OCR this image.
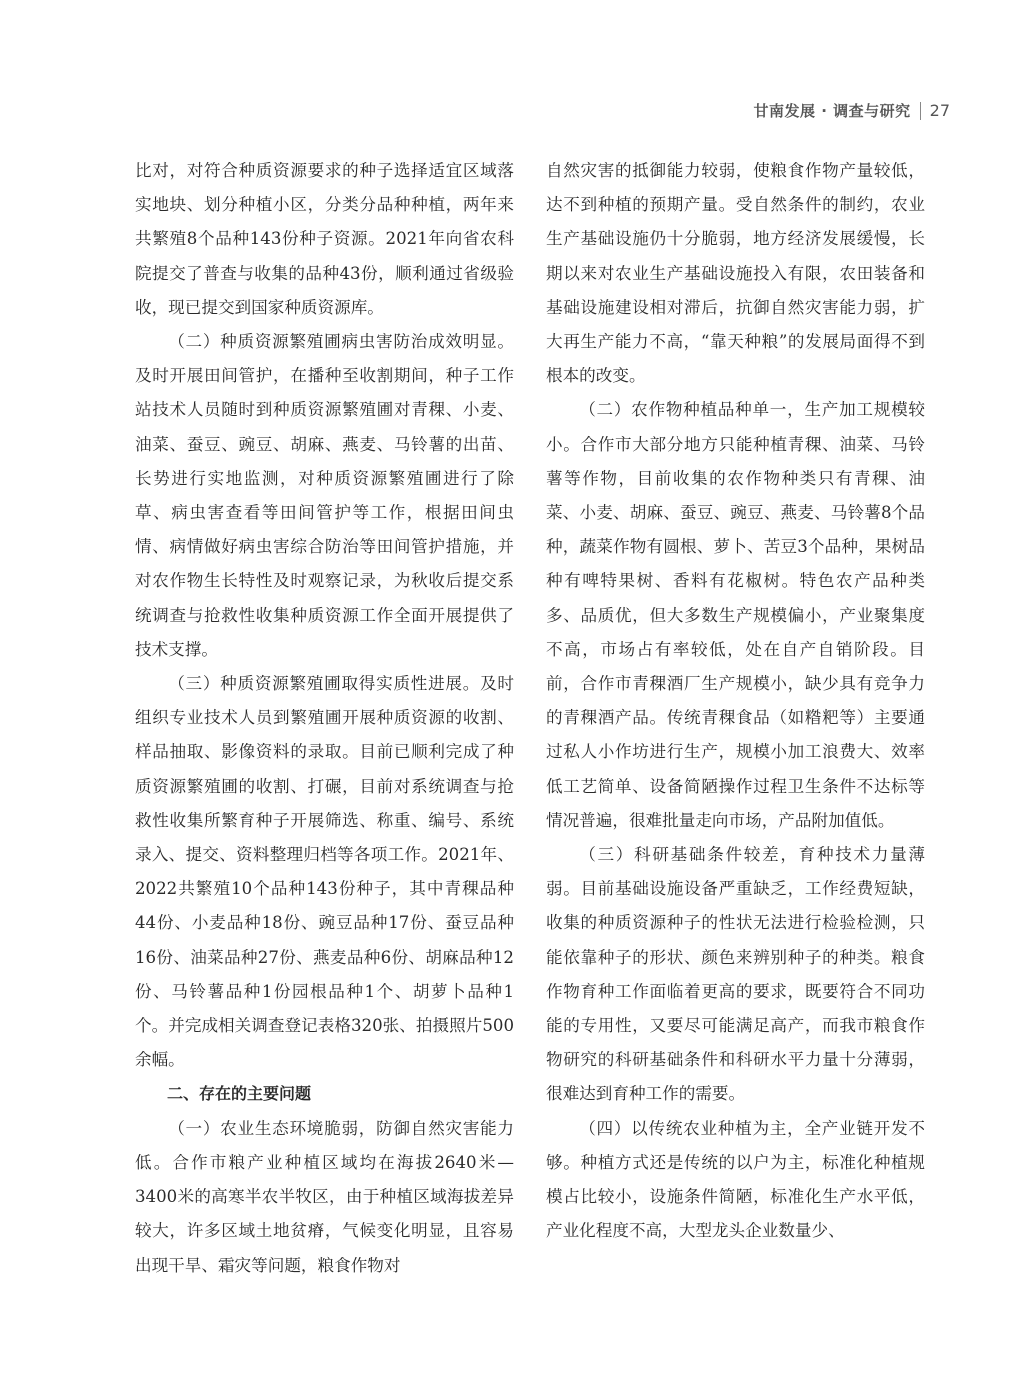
甘南发展 · 调查与研究 27

比对，对符合种质资源要求的种子选择适宜区域落实地块、划分种植小区，分类分品种种植，两年来共繁殖8个品种143份种子资源。2021年向省农科院提交了普查与收集的品种43份，顺利通过省级验收，现已提交到国家种质资源库。

（二）种质资源繁殖圃病虫害防治成效明显。及时开展田间管护，在播种至收割期间，种子工作站技术人员随时到种质资源繁殖圃对青稞、小麦、油菜、蚕豆、豌豆、胡麻、燕麦、马铃薯的出苗、长势进行实地监测，对种质资源繁殖圃进行了除草、病虫害查看等田间管护等工作，根据田间虫情、病情做好病虫害综合防治等田间管护措施，并对农作物生长特性及时观察记录，为秋收后提交系统调查与抢救性收集种质资源工作全面开展提供了技术支撑。

（三）种质资源繁殖圃取得实质性进展。及时组织专业技术人员到繁殖圃开展种质资源的收割、样品抽取、影像资料的录取。目前已顺利完成了种质资源繁殖圃的收割、打碾，目前对系统调查与抢救性收集所繁育种子开展筛选、称重、编号、系统录入、提交、资料整理归档等各项工作。2021年、2022共繁殖10个品种143份种子，其中青稞品种44份、小麦品种18份、豌豆品种17份、蚕豆品种16份、油菜品种27份、燕麦品种6份、胡麻品种12份、马铃薯品种1份园根品种1个、胡萝卜品种1个。并完成相关调查登记表格320张、拍摄照片500余幅。

二、存在的主要问题

（一）农业生态环境脆弱，防御自然灾害能力低。合作市粮产业种植区域均在海拔2640米—3400米的高寒半农半牧区，由于种植区域海拔差异较大，许多区域土地贫瘠，气候变化明显，且容易出现干旱、霜灾等问题，粮食作物对

自然灾害的抵御能力较弱，使粮食作物产量较低，达不到种植的预期产量。受自然条件的制约，农业生产基础设施仍十分脆弱，地方经济发展缓慢，长期以来对农业生产基础设施投入有限，农田装备和基础设施建设相对滞后，抗御自然灾害能力弱，扩大再生产能力不高，“靠天种粮”的发展局面得不到根本的改变。

（二）农作物种植品种单一，生产加工规模较小。合作市大部分地方只能种植青稞、油菜、马铃薯等作物，目前收集的农作物种类只有青稞、油菜、小麦、胡麻、蚕豆、豌豆、燕麦、马铃薯8个品种，蔬菜作物有圆根、萝卜、苦豆3个品种，果树品种有啤特果树、香料有花椒树。特色农产品种类多、品质优，但大多数生产规模偏小，产业聚集度不高，市场占有率较低，处在自产自销阶段。目前，合作市青稞酒厂生产规模小，缺少具有竞争力的青稞酒产品。传统青稞食品（如糌粑等）主要通过私人小作坊进行生产，规模小加工浪费大、效率低工艺简单、设备简陋操作过程卫生条件不达标等情况普遍，很难批量走向市场，产品附加值低。

（三）科研基础条件较差，育种技术力量薄弱。目前基础设施设备严重缺乏，工作经费短缺，收集的种质资源种子的性状无法进行检验检测，只能依靠种子的形状、颜色来辨别种子的种类。粮食作物育种工作面临着更高的要求，既要符合不同功能的专用性，又要尽可能满足高产，而我市粮食作物研究的科研基础条件和科研水平力量十分薄弱，很难达到育种工作的需要。

（四）以传统农业种植为主，全产业链开发不够。种植方式还是传统的以户为主，标准化种植规模占比较小，设施条件简陋，标准化生产水平低，产业化程度不高，大型龙头企业数量少、
